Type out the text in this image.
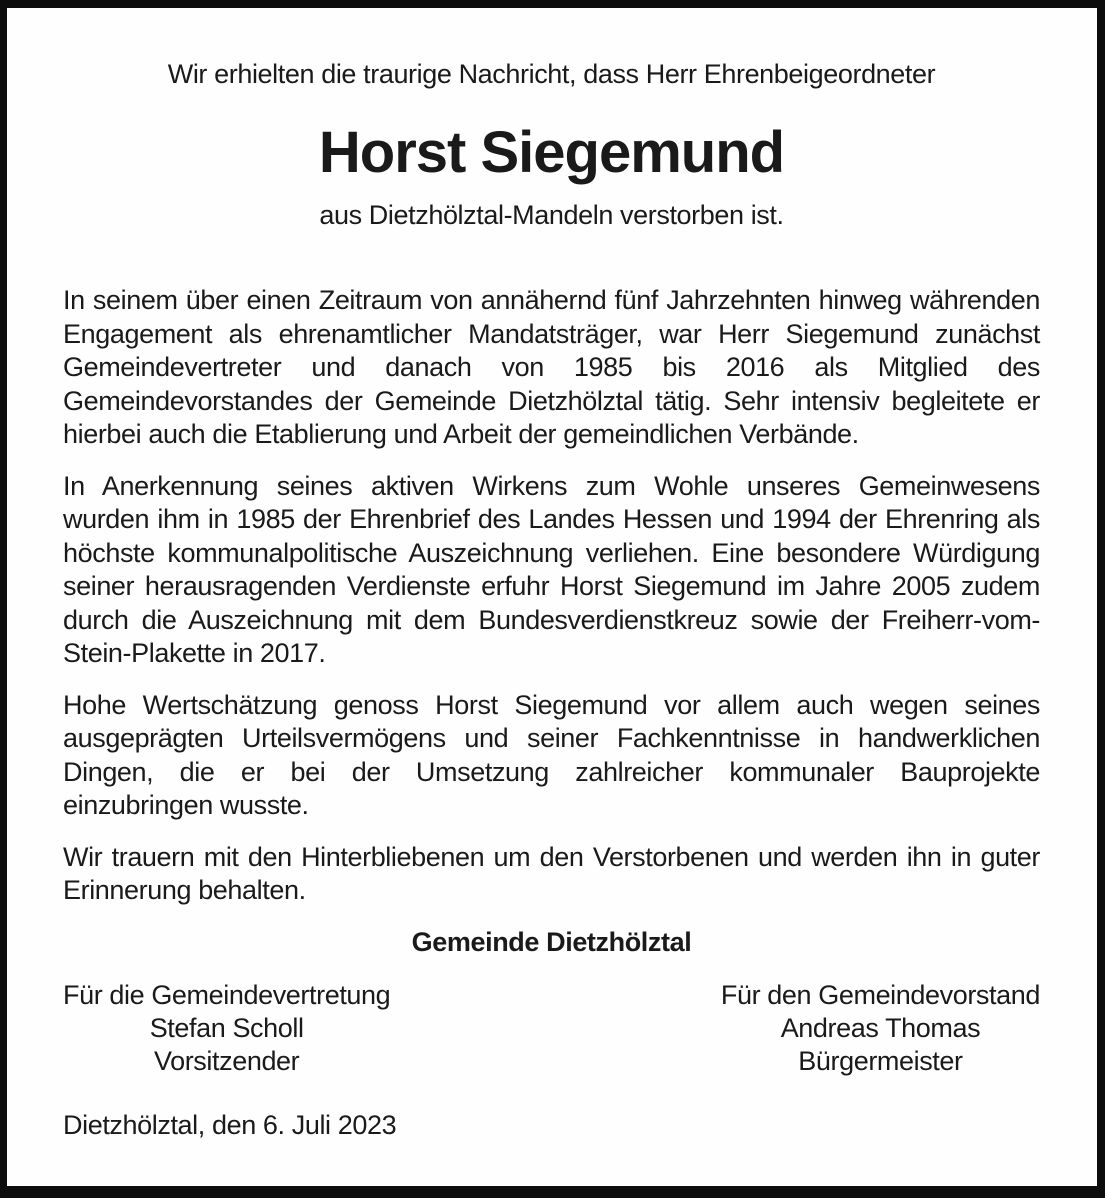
Wir erhielten die traurige Nachricht, dass Herr Ehrenbeigeordneter

Horst Siegemund

aus Dietzhölztal-Mandeln verstorben ist.

In seinem über einen Zeitraum von annähernd fünf Jahrzehnten hinweg währenden Engagement als ehrenamtlicher Mandatsträger, war Herr Siegemund zunächst Gemeindevertreter und danach von 1985 bis 2016 als Mitglied des Gemeindevorstandes der Gemeinde Dietzhölztal tätig. Sehr intensiv begleitete er hierbei auch die Etablierung und Arbeit der gemeindlichen Verbände.

In Anerkennung seines aktiven Wirkens zum Wohle unseres Gemeinwesens wurden ihm in 1985 der Ehrenbrief des Landes Hessen und 1994 der Ehrenring als höchste kommunalpolitische Auszeichnung verliehen. Eine besondere Würdigung seiner herausragenden Verdienste erfuhr Horst Siegemund im Jahre 2005 zudem durch die Auszeichnung mit dem Bundesverdienstkreuz sowie der Freiherr-vom-Stein-Plakette in 2017.

Hohe Wertschätzung genoss Horst Siegemund vor allem auch wegen seines ausgeprägten Urteilsvermögens und seiner Fachkenntnisse in handwerklichen Dingen, die er bei der Umsetzung zahlreicher kommunaler Bauprojekte einzubringen wusste.

Wir trauern mit den Hinterbliebenen um den Verstorbenen und werden ihn in guter Erinnerung behalten.

Gemeinde Dietzhölztal

Für die Gemeindevertretung
Stefan Scholl
Vorsitzender
Für den Gemeindevorstand
Andreas Thomas
Bürgermeister

Dietzhölztal, den 6. Juli 2023
